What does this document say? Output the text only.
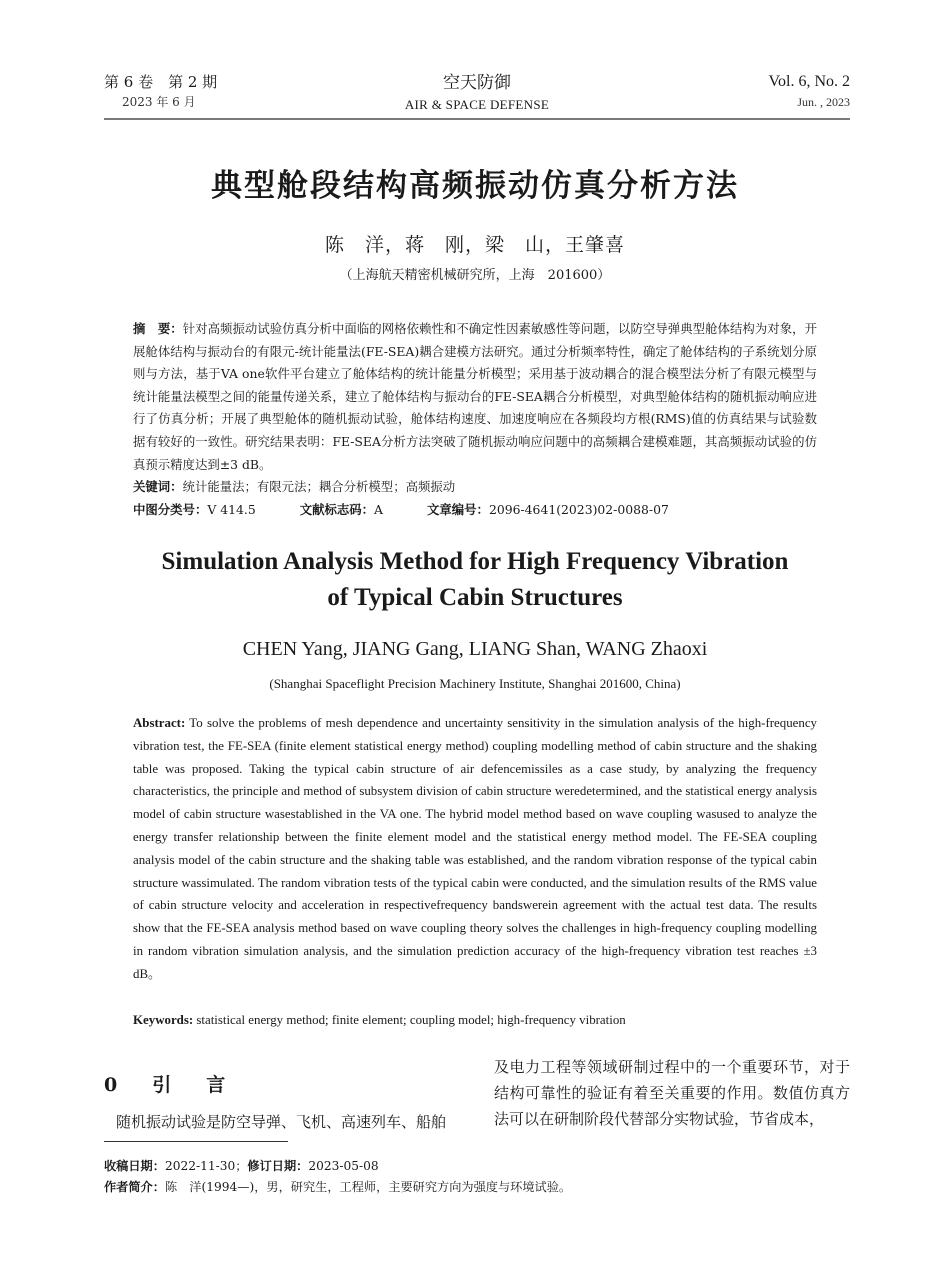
第 6 卷　第 2 期
2023 年 6 月
空天防御
AIR & SPACE DEFENSE
Vol. 6, No. 2
Jun. , 2023
典型舱段结构高频振动仿真分析方法
陈　洋，蒋　刚，梁　山，王肇喜
（上海航天精密机械研究所，上海　201600）
摘　要：针对高频振动试验仿真分析中面临的网格依赖性和不确定性因素敏感性等问题，以防空导弹典型舱体结构为对象，开展舱体结构与振动台的有限元-统计能量法(FE-SEA)耦合建模方法研究。通过分析频率特性，确定了舱体结构的子系统划分原则与方法，基于VA one软件平台建立了舱体结构的统计能量分析模型；采用基于波动耦合的混合模型法分析了有限元模型与统计能量法模型之间的能量传递关系，建立了舱体结构与振动台的FE-SEA耦合分析模型，对典型舱体结构的随机振动响应进行了仿真分析；开展了典型舱体的随机振动试验，舱体结构速度、加速度响应在各频段均方根(RMS)值的仿真结果与试验数据有较好的一致性。研究结果表明：FE-SEA分析方法突破了随机振动响应问题中的高频耦合建模难题，其高频振动试验的仿真预示精度达到±3 dB。
关键词：统计能量法；有限元法；耦合分析模型；高频振动
中图分类号：V 414.5	文献标志码：A	文章编号：2096-4641(2023)02-0088-07
Simulation Analysis Method for High Frequency Vibration
of Typical Cabin Structures
CHEN Yang, JIANG Gang, LIANG Shan, WANG Zhaoxi
(Shanghai Spaceflight Precision Machinery Institute, Shanghai 201600, China)
Abstract: To solve the problems of mesh dependence and uncertainty sensitivity in the simulation analysis of the high-frequency vibration test, the FE-SEA (finite element statistical energy method) coupling modelling method of cabin structure and the shaking table was proposed. Taking the typical cabin structure of air defencemissiles as a case study, by analyzing the frequency characteristics, the principle and method of subsystem division of cabin structure weredetermined, and the statistical energy analysis model of cabin structure wasestablished in the VA one. The hybrid model method based on wave coupling wasused to analyze the energy transfer relationship between the finite element model and the statistical energy method model. The FE-SEA coupling analysis model of the cabin structure and the shaking table was established, and the random vibration response of the typical cabin structure wassimulated. The random vibration tests of the typical cabin were conducted, and the simulation results of the RMS value of cabin structure velocity and acceleration in respectivefrequency bandswerein agreement with the actual test data. The results show that the FE-SEA analysis method based on wave coupling theory solves the challenges in high-frequency coupling modelling in random vibration simulation analysis, and the simulation prediction accuracy of the high-frequency vibration test reaches ±3 dB。
Keywords: statistical energy method; finite element; coupling model; high-frequency vibration
0　引　言
随机振动试验是防空导弹、飞机、高速列车、船舶
及电力工程等领域研制过程中的一个重要环节，对于结构可靠性的验证有着至关重要的作用。数值仿真方法可以在研制阶段代替部分实物试验，节省成本，
收稿日期：2022-11-30；修订日期：2023-05-08
作者简介：陈　洋(1994—)，男，研究生，工程师，主要研究方向为强度与环境试验。
